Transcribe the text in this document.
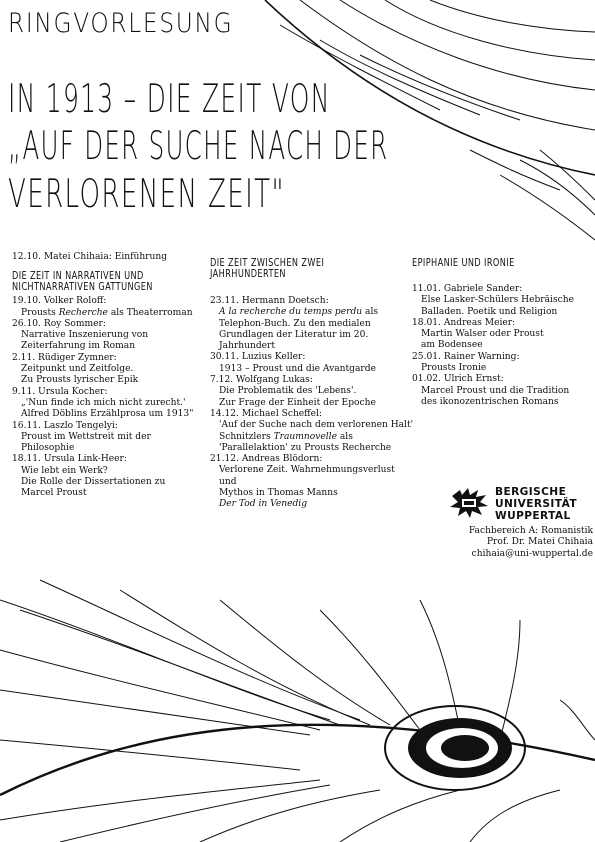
RINGVORLESUNG
IN 1913 – DIE ZEIT VON
„AUF DER SUCHE NACH DER
VERLORENEN ZEIT"
12.10. Matei Chihaia: Einführung
DIE ZEIT IN NARRATIVEN UND
NICHTNARRATIVEN GATTUNGEN
19.10. Volker Roloff:
Prousts Recherche als Theaterroman
26.10. Roy Sommer:
Narrative Inszenierung von
Zeiterfahrung im Roman
2.11. Rüdiger Zymner:
Zeitpunkt und Zeitfolge.
Zu Prousts lyrischer Epik
9.11. Ursula Kocher:
„'Nun finde ich mich nicht zurecht.'
Alfred Döblins Erzählprosa um 1913"
16.11. Laszlo Tengelyi:
Proust im Wettstreit mit der Philosophie
18.11. Ursula Link-Heer:
Wie lebt ein Werk?
Die Rolle der Dissertationen zu
Marcel Proust
DIE ZEIT ZWISCHEN ZWEI
JAHRHUNDERTEN
23.11. Hermann Doetsch:
A la recherche du temps perdu als
Telephon-Buch. Zu den medialen
Grundlagen der Literatur im 20.
Jahrhundert
30.11. Luzius Keller:
1913 – Proust und die Avantgarde
7.12. Wolfgang Lukas:
Die Problematik des 'Lebens'.
Zur Frage der Einheit der Epoche
14.12. Michael Scheffel:
'Auf der Suche nach dem verlorenen Halt'
Schnitzlers Traumnovelle als
'Parallelaktion' zu Prousts Recherche
21.12. Andreas Blödorn:
Verlorene Zeit. Wahrnehmungsverlust und
Mythos in Thomas Manns
Der Tod in Venedig
EPIPHANIE UND IRONIE
11.01. Gabriele Sander:
Else Lasker-Schülers Hebräische
Balladen. Poetik und Religion
18.01. Andreas Meier:
Martin Walser oder Proust
am Bodensee
25.01. Rainer Warning:
Prousts Ironie
01.02. Ulrich Ernst:
Marcel Proust und die Tradition
des ikonozentrischen Romans
BERGISCHE
UNIVERSITÄT
WUPPERTAL
Fachbereich A: Romanistik
Prof. Dr. Matei Chihaia
chihaia@uni-wuppertal.de
